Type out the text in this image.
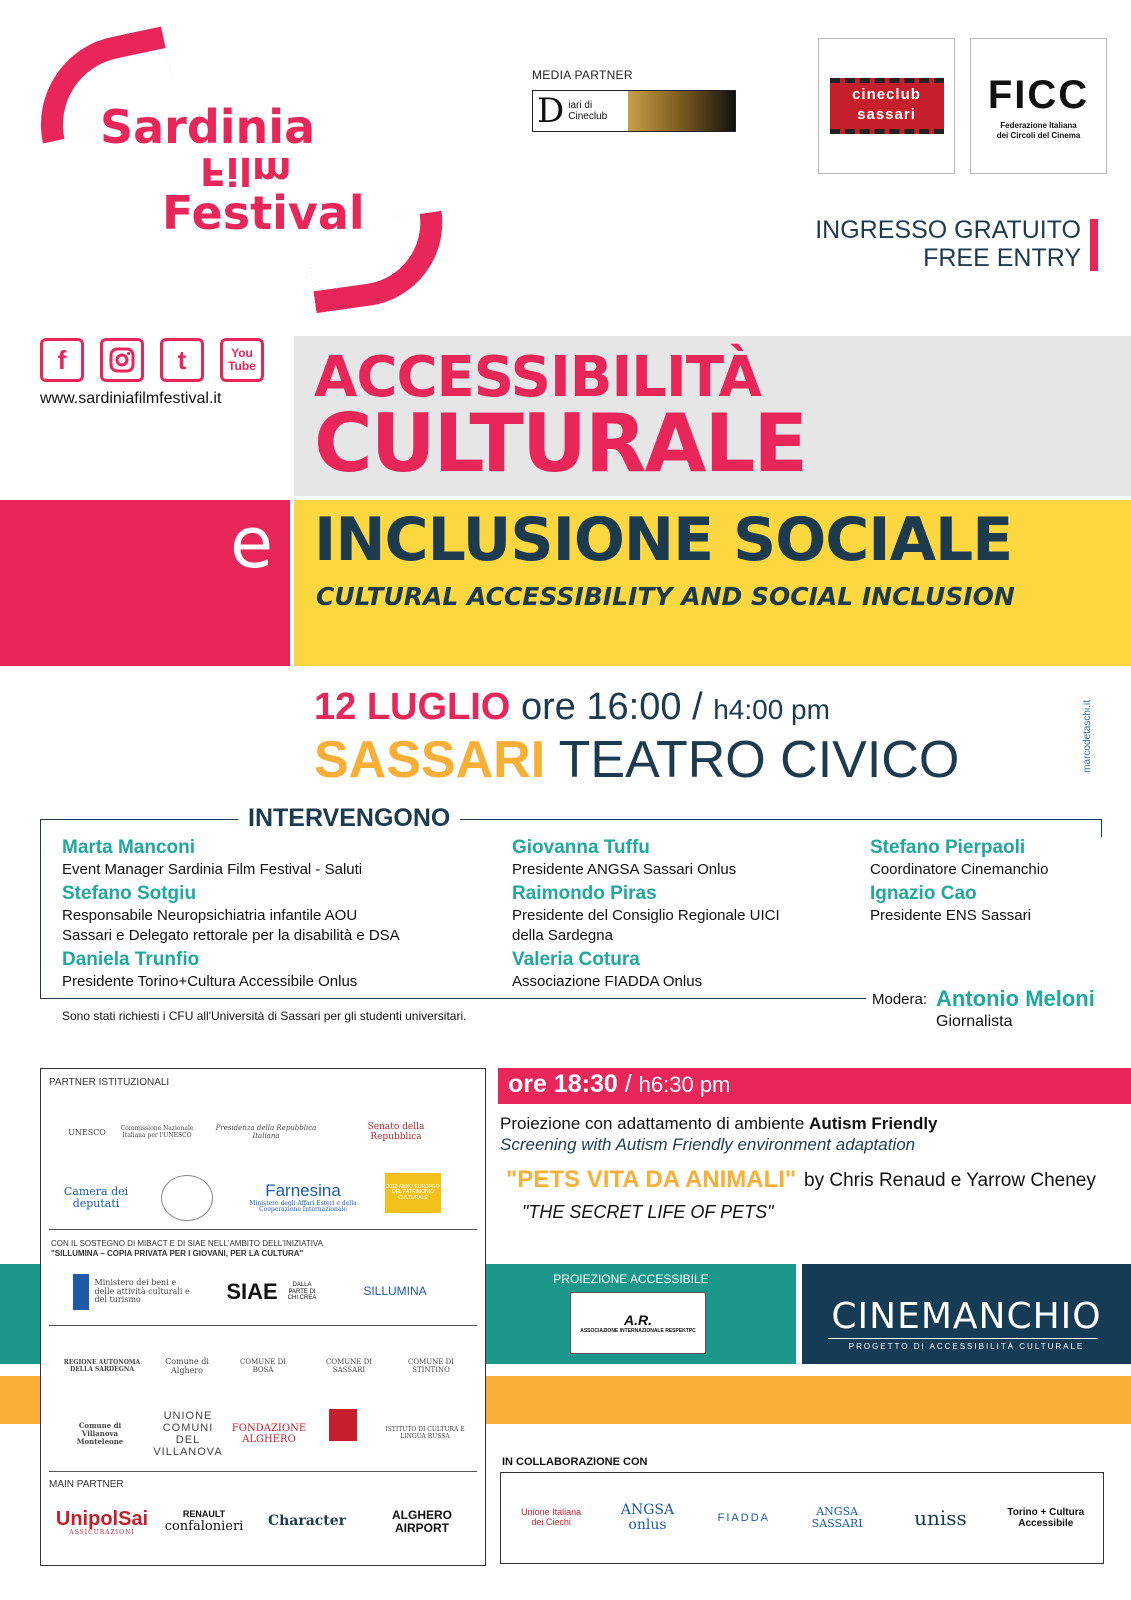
Sardinia
Film
Festival
MEDIA PARTNER
D iari di Cineclub
cineclub
sassari	FICC
Federazione Italiana
dei Circoli del Cinema
INGRESSO GRATUITO
FREE ENTRY
f	t	You
Tube
www.sardiniafilmfestival.it ACCESSIBILITÀ
CULTURALE
e INCLUSIONE SOCIALE
CULTURAL ACCESSIBILITY AND SOCIAL INCLUSION
12 LUGLIO ore 16:00 / h4:00 pm
SASSARI TEATRO CIVICO	marcodetaschi.it
INTERVENGONO
Marta Manconi
Event Manager Sardinia Film Festival - Saluti
Stefano Sotgiu
Responsabile Neuropsichiatria infantile AOU
Sassari e Delegato rettorale per la disabilità e DSA
Daniela Trunfio
Presidente Torino+Cultura Accessibile Onlus
Giovanna Tuffu
Presidente ANGSA Sassari Onlus
Raimondo Piras
Presidente del Consiglio Regionale UICI
della Sardegna
Valeria Cotura
Associazione FIADDA Onlus
Stefano Pierpaoli
Coordinatore Cinemanchio
Ignazio Cao
Presidente ENS Sassari
Sono stati richiesti i CFU all'Università di Sassari per gli studenti universitari.
Modera: Antonio Meloni
Giornalista
PARTNER ISTITUZIONALI
UNESCO	Commissione Nazionale Italiana per l'UNESCO
Presidenza della Repubblica Italiana
Senato della Repubblica
Camera dei deputati
Farnesina
Ministero degli Affari Esteri e della Cooperazione Internazionale
2018 ANNO EUROPEO DEL PATRIMONIO CULTURALE
CON IL SOSTEGNO DI MIBACT E DI SIAE NELL'AMBITO DELL'INIZIATIVA
"SILLUMINA – COPIA PRIVATA PER I GIOVANI, PER LA CULTURA"
Ministero dei beni e delle attività culturali e del turismo	SIAE	DALLA PARTE DI CHI CREA	SILLUMINA
REGIONE AUTONOMA DELLA SARDEGNA
Comune di Alghero
COMUNE DI BOSA
COMUNE DI SASSARI
COMUNE DI STINTINO
Comune di Villanova Monteleone
UNIONE COMUNI DEL VILLANOVA
FONDAZIONE ALGHERO
ISTITUTO DI CULTURA E LINGUA RUSSA
MAIN PARTNER
UnipolSai
ASSICURAZIONI
RENAULT
confalonieri Character	ALGHERO AIRPORT
ore 18:30 / h6:30 pm
Proiezione con adattamento di ambiente Autism Friendly
Screening with Autism Friendly environment adaptation
"PETS VITA DA ANIMALI" by Chris Renaud e Yarrow Cheney
"THE SECRET LIFE OF PETS"
PROIEZIONE ACCESSIBILE
A.R.
ASSOCIAZIONE INTERNAZIONALE RESPEKTPC	CINEMANCHIO
PROGETTO DI ACCESSIBILITÀ CULTURALE
IN COLLABORAZIONE CON
Unione Italiana dei Ciechi
ANGSA onlus	FIADDA
ANGSA SASSARI	uniss	Torino + Cultura Accessibile
